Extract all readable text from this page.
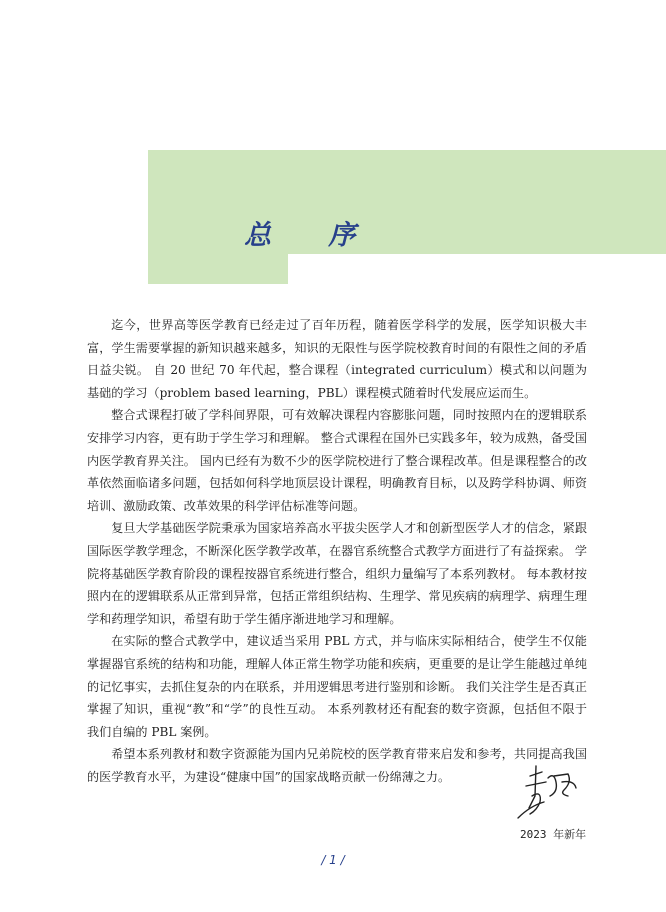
总 序

迄今，世界高等医学教育已经走过了百年历程，随着医学科学的发展，医学知识极大丰富，学生需要掌握的新知识越来越多，知识的无限性与医学院校教育时间的有限性之间的矛盾日益尖锐。 自 20 世纪 70 年代起，整合课程（integrated curriculum）模式和以问题为基础的学习（problem based learning，PBL）课程模式随着时代发展应运而生。

整合式课程打破了学科间界限，可有效解决课程内容膨胀问题，同时按照内在的逻辑联系安排学习内容，更有助于学生学习和理解。 整合式课程在国外已实践多年，较为成熟，备受国内医学教育界关注。 国内已经有为数不少的医学院校进行了整合课程改革。但是课程整合的改革依然面临诸多问题，包括如何科学地顶层设计课程，明确教育目标，以及跨学科协调、师资培训、激励政策、改革效果的科学评估标准等问题。

复旦大学基础医学院秉承为国家培养高水平拔尖医学人才和创新型医学人才的信念，紧跟国际医学教学理念，不断深化医学教学改革，在器官系统整合式教学方面进行了有益探索。 学院将基础医学教育阶段的课程按器官系统进行整合，组织力量编写了本系列教材。 每本教材按照内在的逻辑联系从正常到异常，包括正常组织结构、生理学、常见疾病的病理学、病理生理学和药理学知识，希望有助于学生循序渐进地学习和理解。

在实际的整合式教学中，建议适当采用 PBL 方式，并与临床实际相结合，使学生不仅能掌握器官系统的结构和功能，理解人体正常生物学功能和疾病，更重要的是让学生能越过单纯的记忆事实，去抓住复杂的内在联系，并用逻辑思考进行鉴别和诊断。 我们关注学生是否真正掌握了知识，重视“教”和“学”的良性互动。 本系列教材还有配套的数字资源，包括但不限于我们自编的 PBL 案例。

希望本系列教材和数字资源能为国内兄弟院校的医学教育带来启发和参考，共同提高我国的医学教育水平，为建设“健康中国”的国家战略贡献一份绵薄之力。

2023 年新年
/ 1 /
